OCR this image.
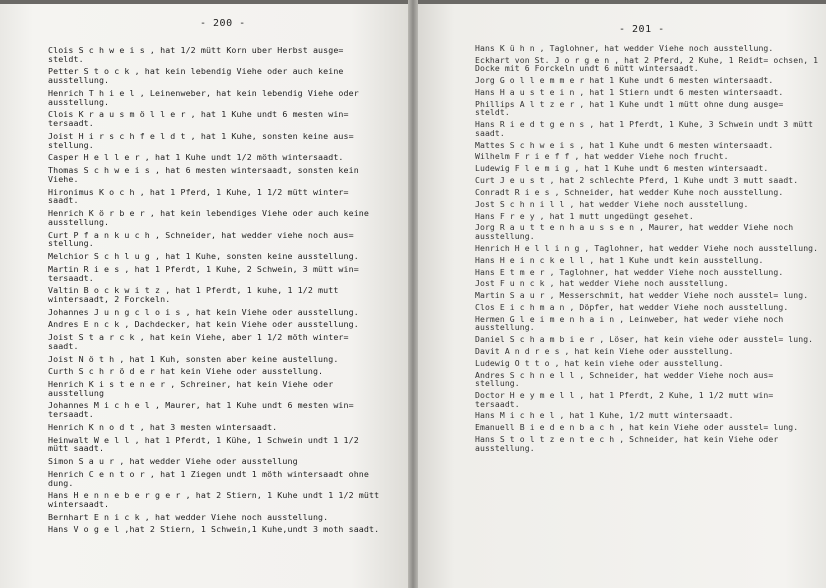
- 200 -
Clois S c h w e i s , hat 1/2 mütt Korn uber Herbst ausge= steldt.
Petter S t o c k , hat kein lebendig Viehe oder auch keine ausstellung.
Henrich T h i e l , Leinenweber, hat kein lebendig Viehe oder ausstellung.
Clois K r a u s m ö l l e r , hat 1 Kuhe undt 6 mesten win= tersaadt.
Joist H i r s c h f e l d t , hat 1 Kuhe, sonsten keine aus= stellung.
Casper H e l l e r , hat 1 Kuhe undt 1/2 möth wintersaadt.
Thomas S c h w e i s , hat 6 mesten wintersaadt, sonsten kein Viehe.
Hironimus K o c h , hat 1 Pferd, 1 Kuhe, 1 1/2 mütt winter= saadt.
Henrich K ö r b e r , hat kein lebendiges Viehe oder auch keine ausstellung.
Curt P f a n k u c h , Schneider, hat wedder viehe noch aus= stellung.
Melchior S c h l u g , hat 1 Kuhe, sonsten keine ausstellung.
Martin R i e s , hat 1 Pferdt, 1 Kuhe, 2 Schwein, 3 mütt win= tersaadt.
Valtin B o c k w i t z , hat 1 Pferdt, 1 kuhe, 1 1/2 mutt wintersaadt, 2 Forckeln.
Johannes J u n g c l o i s , hat kein Viehe oder ausstellung.
Andres E n c k , Dachdecker, hat kein Viehe oder ausstellung.
Joist S t a r c k , hat kein Viehe, aber 1 1/2 möth winter= saadt.
Joist N ö t h , hat 1 Kuh, sonsten aber keine austellung.
Curth S c h r ö d e r hat kein Viehe oder ausstellung.
Henrich K i s t e n e r , Schreiner, hat kein Viehe oder ausstellung
Johannes M i c h e l , Maurer, hat 1 Kuhe undt 6 mesten win= tersaadt.
Henrich K n o d t , hat 3 mesten wintersaadt.
Heinwalt W e l l , hat 1 Pferdt, 1 Kühe, 1 Schwein undt 1 1/2 mütt saadt.
Simon S a u r , hat wedder Viehe oder ausstellung
Henrich C e n t o r , hat 1 Ziegen undt 1 möth wintersaadt ohne dung.
Hans H e n n e b e r g e r , hat 2 Stiern, 1 Kuhe undt 1 1/2 mütt wintersaadt.
Bernhart E n i c k , hat wedder Viehe noch ausstellung.
Hans V o g e l ,hat 2 Stiern, 1 Schwein,1 Kuhe,undt 3 moth saadt.
- 201 -
Hans K ü h n , Taglohner, hat wedder Viehe noch ausstellung.
Eckhart von St. J o r g e n , hat 2 Pferd, 2 Kuhe, 1 Reidt= ochsen, 1 Docke mit 6 Forckeln undt 6 mütt wintersaadt.
Jorg G o l l e m m e r hat 1 Kuhe undt 6 mesten wintersaadt.
Hans H a u s t e i n , hat 1 Stiern undt 6 mesten wintersaadt.
Phillips A l t z e r , hat 1 Kuhe undt 1 mütt ohne dung ausge= steldt.
Hans R i e d t g e n s , hat 1 Pferdt, 1 Kuhe, 3 Schwein undt 3 mütt saadt.
Mattes S c h w e i s , hat 1 Kuhe undt 6 mesten wintersaadt.
Wilhelm F r i e f f , hat wedder Viehe noch frucht.
Ludewig F l e m i g , hat 1 Kuhe undt 6 mesten wintersaadt.
Curt J e u s t , hat 2 schlechte Pferd, 1 Kuhe undt 3 mutt saadt.
Conradt R i e s , Schneider, hat wedder Kuhe noch ausstellung.
Jost S c h n i l l , hat wedder Viehe noch ausstellung.
Hans F r e y , hat 1 mutt ungedüngt gesehet.
Jorg R a u t t e n h a u s s e n , Maurer, hat wedder Viehe noch ausstellung.
Henrich H e l l i n g , Taglohner, hat wedder Viehe noch ausstellung.
Hans H e i n c k e l l , hat 1 Kuhe undt kein ausstellung.
Hans E t m e r , Taglohner, hat wedder Viehe noch ausstellung.
Jost F u n c k , hat wedder Viehe noch ausstellung.
Martin S a u r , Messerschmit, hat wedder Viehe noch ausstel= lung.
Clos E i c h m a n , Döpfer, hat wedder Viehe noch ausstellung.
Hermen G l e i m e n h a i n , Leinweber, hat weder viehe noch ausstellung.
Daniel S c h a m b i e r , Löser, hat kein viehe oder ausstel= lung.
Davit A n d r e s , hat kein Viehe oder ausstellung.
Ludewig O t t o , hat kein viehe oder ausstellung.
Andres S c h n e l l , Schneider, hat wedder Viehe noch aus= stellung.
Doctor H e y m e l l , hat 1 Pferdt, 2 Kuhe, 1 1/2 mutt win= tersaadt.
Hans M i c h e l , hat 1 Kuhe, 1/2 mutt wintersaadt.
Emanuell B i e d e n b a c h , hat kein Viehe oder ausstel= lung.
Hans S t o l t z e n t e c h , Schneider, hat kein Viehe oder ausstellung.
